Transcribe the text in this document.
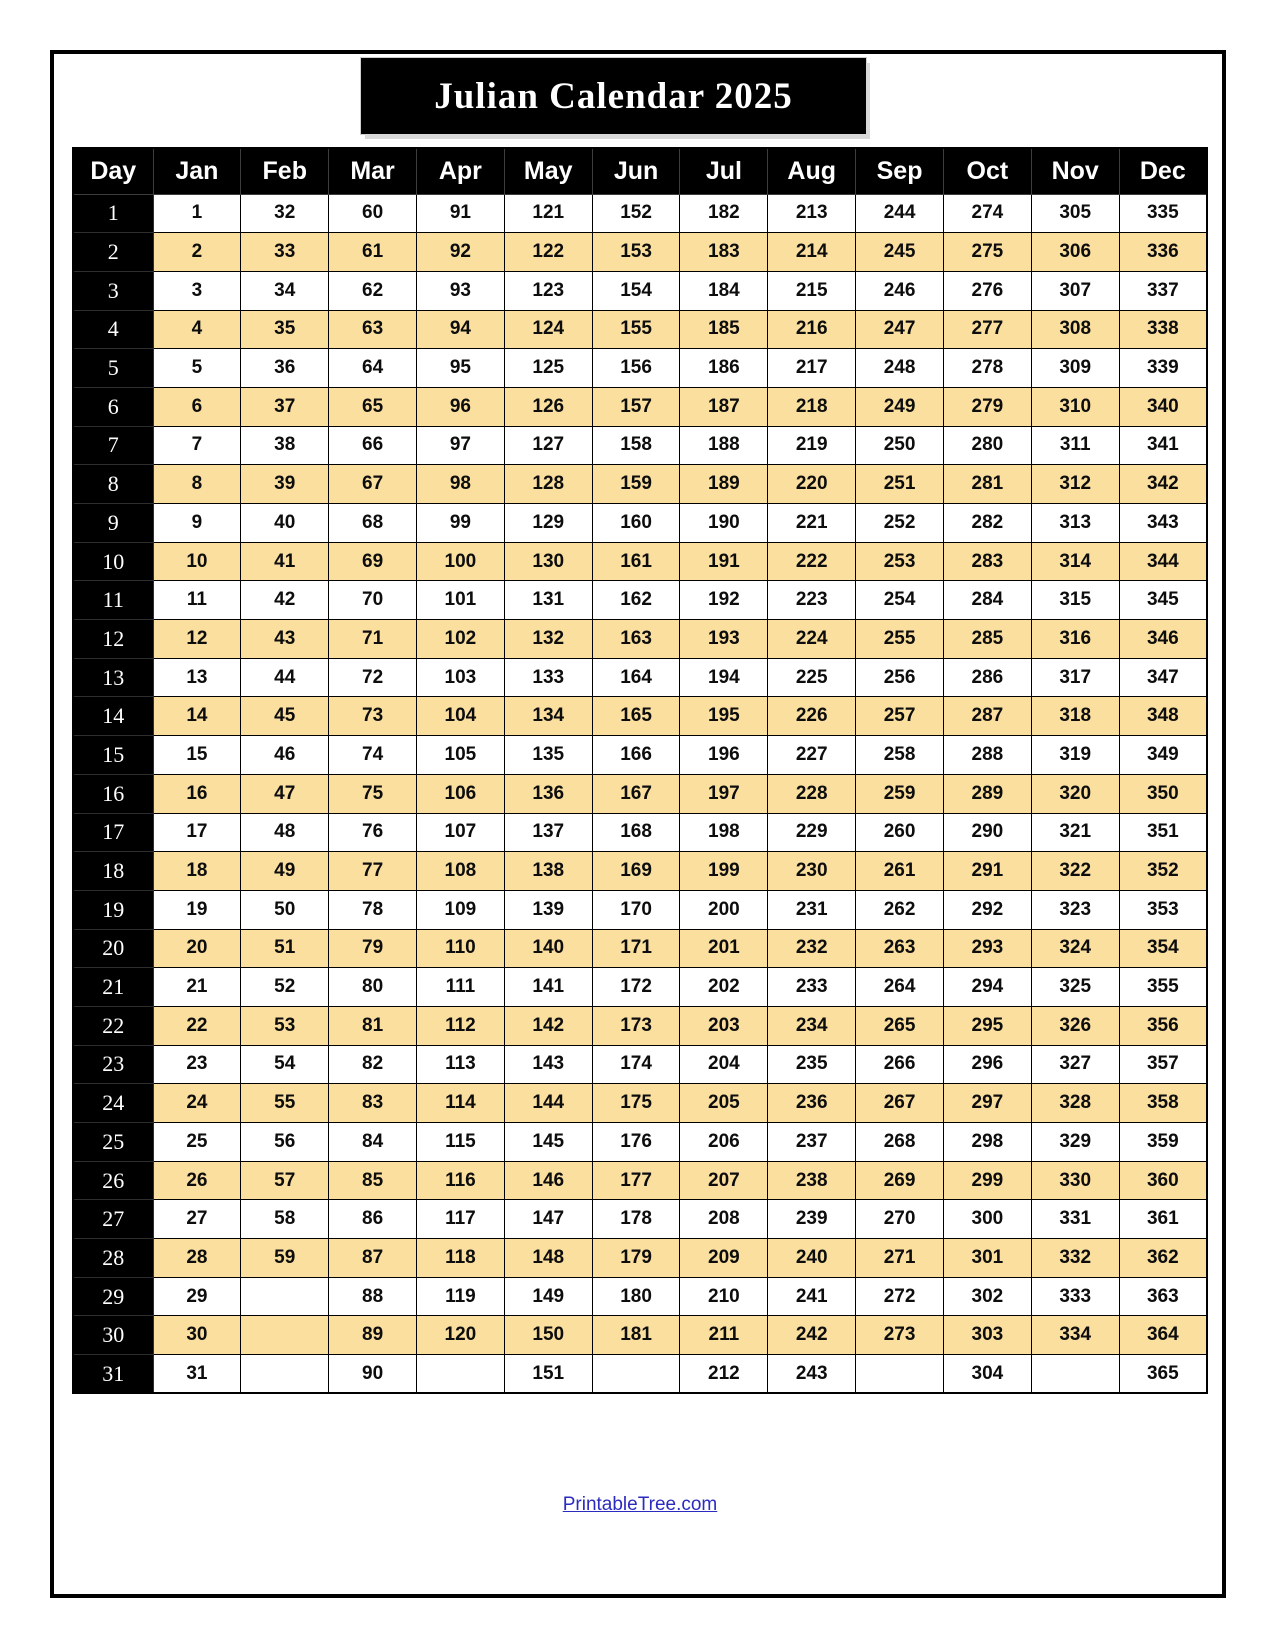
Julian Calendar 2025
Day	Jan	Feb	Mar	Apr	May	Jun	Jul	Aug	Sep	Oct	Nov	Dec
1	1	32	60	91	121	152	182	213	244	274	305	335
2	2	33	61	92	122	153	183	214	245	275	306	336
3	3	34	62	93	123	154	184	215	246	276	307	337
4	4	35	63	94	124	155	185	216	247	277	308	338
5	5	36	64	95	125	156	186	217	248	278	309	339
6	6	37	65	96	126	157	187	218	249	279	310	340
7	7	38	66	97	127	158	188	219	250	280	311	341
8	8	39	67	98	128	159	189	220	251	281	312	342
9	9	40	68	99	129	160	190	221	252	282	313	343
10	10	41	69	100	130	161	191	222	253	283	314	344
11	11	42	70	101	131	162	192	223	254	284	315	345
12	12	43	71	102	132	163	193	224	255	285	316	346
13	13	44	72	103	133	164	194	225	256	286	317	347
14	14	45	73	104	134	165	195	226	257	287	318	348
15	15	46	74	105	135	166	196	227	258	288	319	349
16	16	47	75	106	136	167	197	228	259	289	320	350
17	17	48	76	107	137	168	198	229	260	290	321	351
18	18	49	77	108	138	169	199	230	261	291	322	352
19	19	50	78	109	139	170	200	231	262	292	323	353
20	20	51	79	110	140	171	201	232	263	293	324	354
21	21	52	80	111	141	172	202	233	264	294	325	355
22	22	53	81	112	142	173	203	234	265	295	326	356
23	23	54	82	113	143	174	204	235	266	296	327	357
24	24	55	83	114	144	175	205	236	267	297	328	358
25	25	56	84	115	145	176	206	237	268	298	329	359
26	26	57	85	116	146	177	207	238	269	299	330	360
27	27	58	86	117	147	178	208	239	270	300	331	361
28	28	59	87	118	148	179	209	240	271	301	332	362
29	29		88	119	149	180	210	241	272	302	333	363
30	30		89	120	150	181	211	242	273	303	334	364
31	31		90		151		212	243		304		365
PrintableTree.com
